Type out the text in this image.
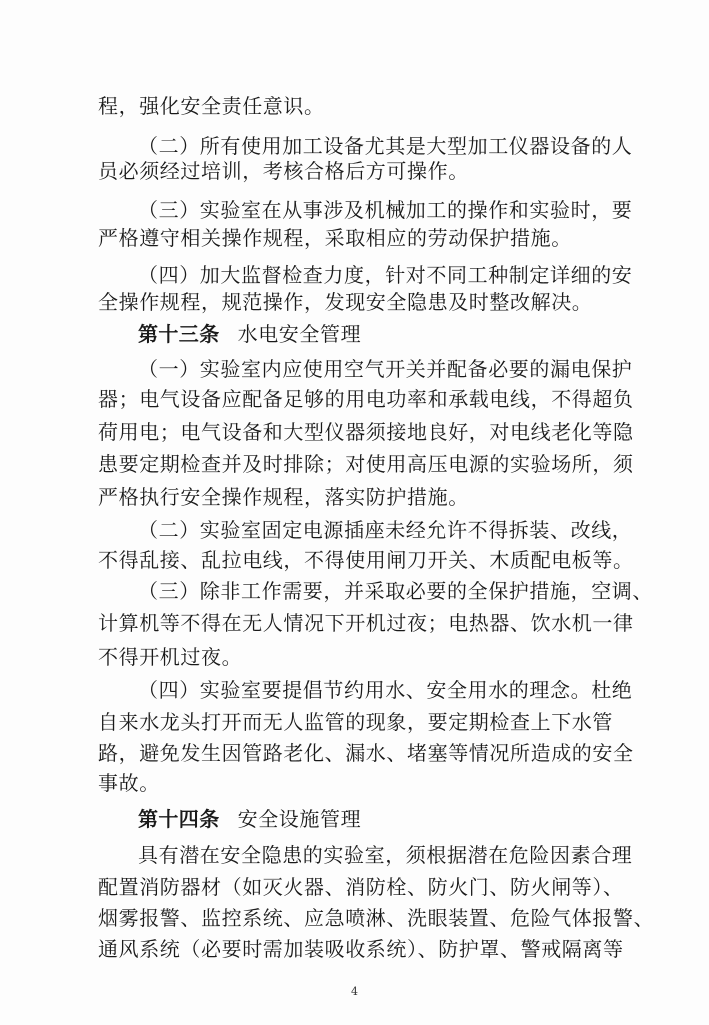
程，强化安全责任意识。
（二）所有使用加工设备尤其是大型加工仪器设备的人
员必须经过培训，考核合格后方可操作。
（三）实验室在从事涉及机械加工的操作和实验时，要
严格遵守相关操作规程，采取相应的劳动保护措施。
（四）加大监督检查力度，针对不同工种制定详细的安
全操作规程，规范操作，发现安全隐患及时整改解决。
第十三条 水电安全管理
（一）实验室内应使用空气开关并配备必要的漏电保护
器；电气设备应配备足够的用电功率和承载电线，不得超负
荷用电；电气设备和大型仪器须接地良好，对电线老化等隐
患要定期检查并及时排除；对使用高压电源的实验场所，须
严格执行安全操作规程，落实防护措施。
（二）实验室固定电源插座未经允许不得拆装、改线，
不得乱接、乱拉电线，不得使用闸刀开关、木质配电板等。
（三）除非工作需要，并采取必要的全保护措施，空调、
计算机等不得在无人情况下开机过夜；电热器、饮水机一律
不得开机过夜。
（四）实验室要提倡节约用水、安全用水的理念。杜绝
自来水龙头打开而无人监管的现象，要定期检查上下水管
路，避免发生因管路老化、漏水、堵塞等情况所造成的安全
事故。
第十四条 安全设施管理
具有潜在安全隐患的实验室，须根据潜在危险因素合理
配置消防器材（如灭火器、消防栓、防火门、防火闸等）、
烟雾报警、监控系统、应急喷淋、洗眼装置、危险气体报警、
通风系统（必要时需加装吸收系统）、防护罩、警戒隔离等
4
